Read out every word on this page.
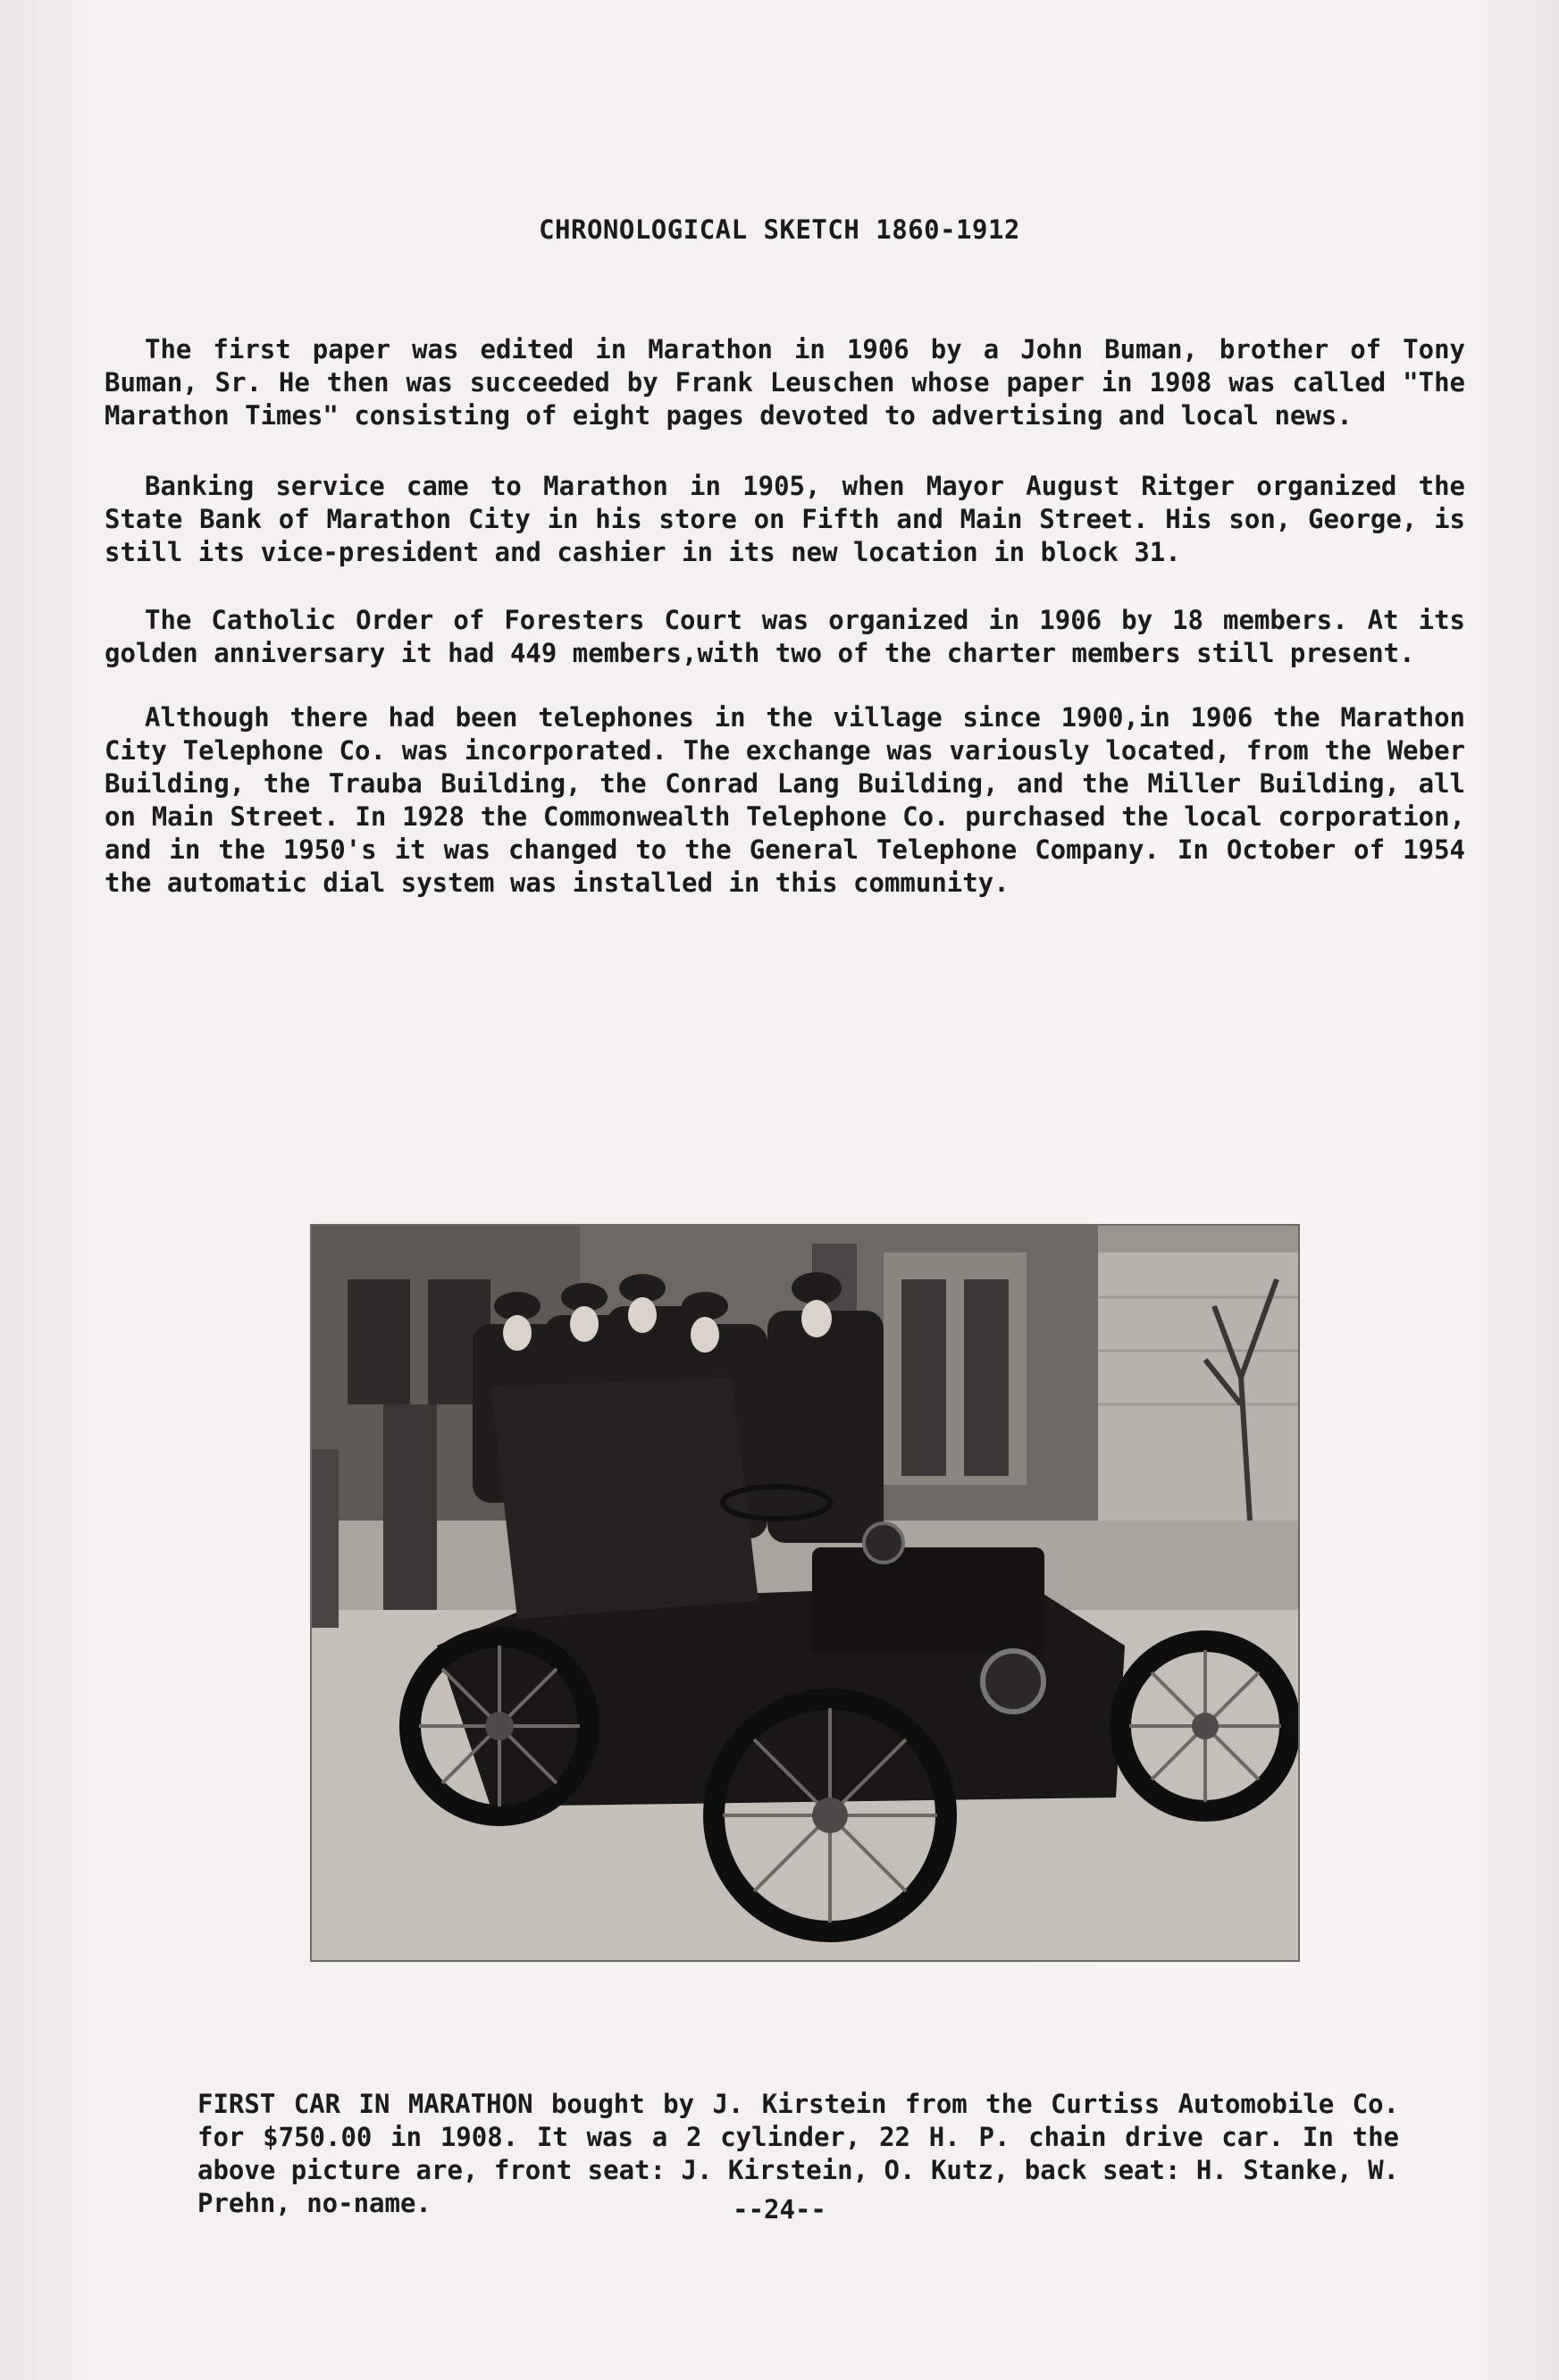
CHRONOLOGICAL SKETCH 1860-1912

The first paper was edited in Marathon in 1906 by a John Buman, brother of Tony Buman, Sr. He then was succeeded by Frank Leuschen whose paper in 1908 was called "The Marathon Times" consisting of eight pages devoted to advertising and local news.

Banking service came to Marathon in 1905, when Mayor August Ritger organized the State Bank of Marathon City in his store on Fifth and Main Street. His son, George, is still its vice-president and cashier in its new location in block 31.

The Catholic Order of Foresters Court was organized in 1906 by 18 members. At its golden anniversary it had 449 members,with two of the charter members still present.

Although there had been telephones in the village since 1900,in 1906 the Marathon City Telephone Co. was incorporated. The exchange was variously located, from the Weber Building, the Trauba Building, the Conrad Lang Building, and the Miller Building, all on Main Street. In 1928 the Commonwealth Telephone Co. purchased the local corporation, and in the 1950's it was changed to the General Telephone Company. In October of 1954 the automatic dial system was installed in this community.

FIRST CAR IN MARATHON bought by J. Kirstein from the Curtiss Automobile Co. for $750.00 in 1908. It was a 2 cylinder, 22 H. P. chain drive car. In the above picture are, front seat: J. Kirstein, O. Kutz, back seat: H. Stanke, W. Prehn, no-name.	--24--
